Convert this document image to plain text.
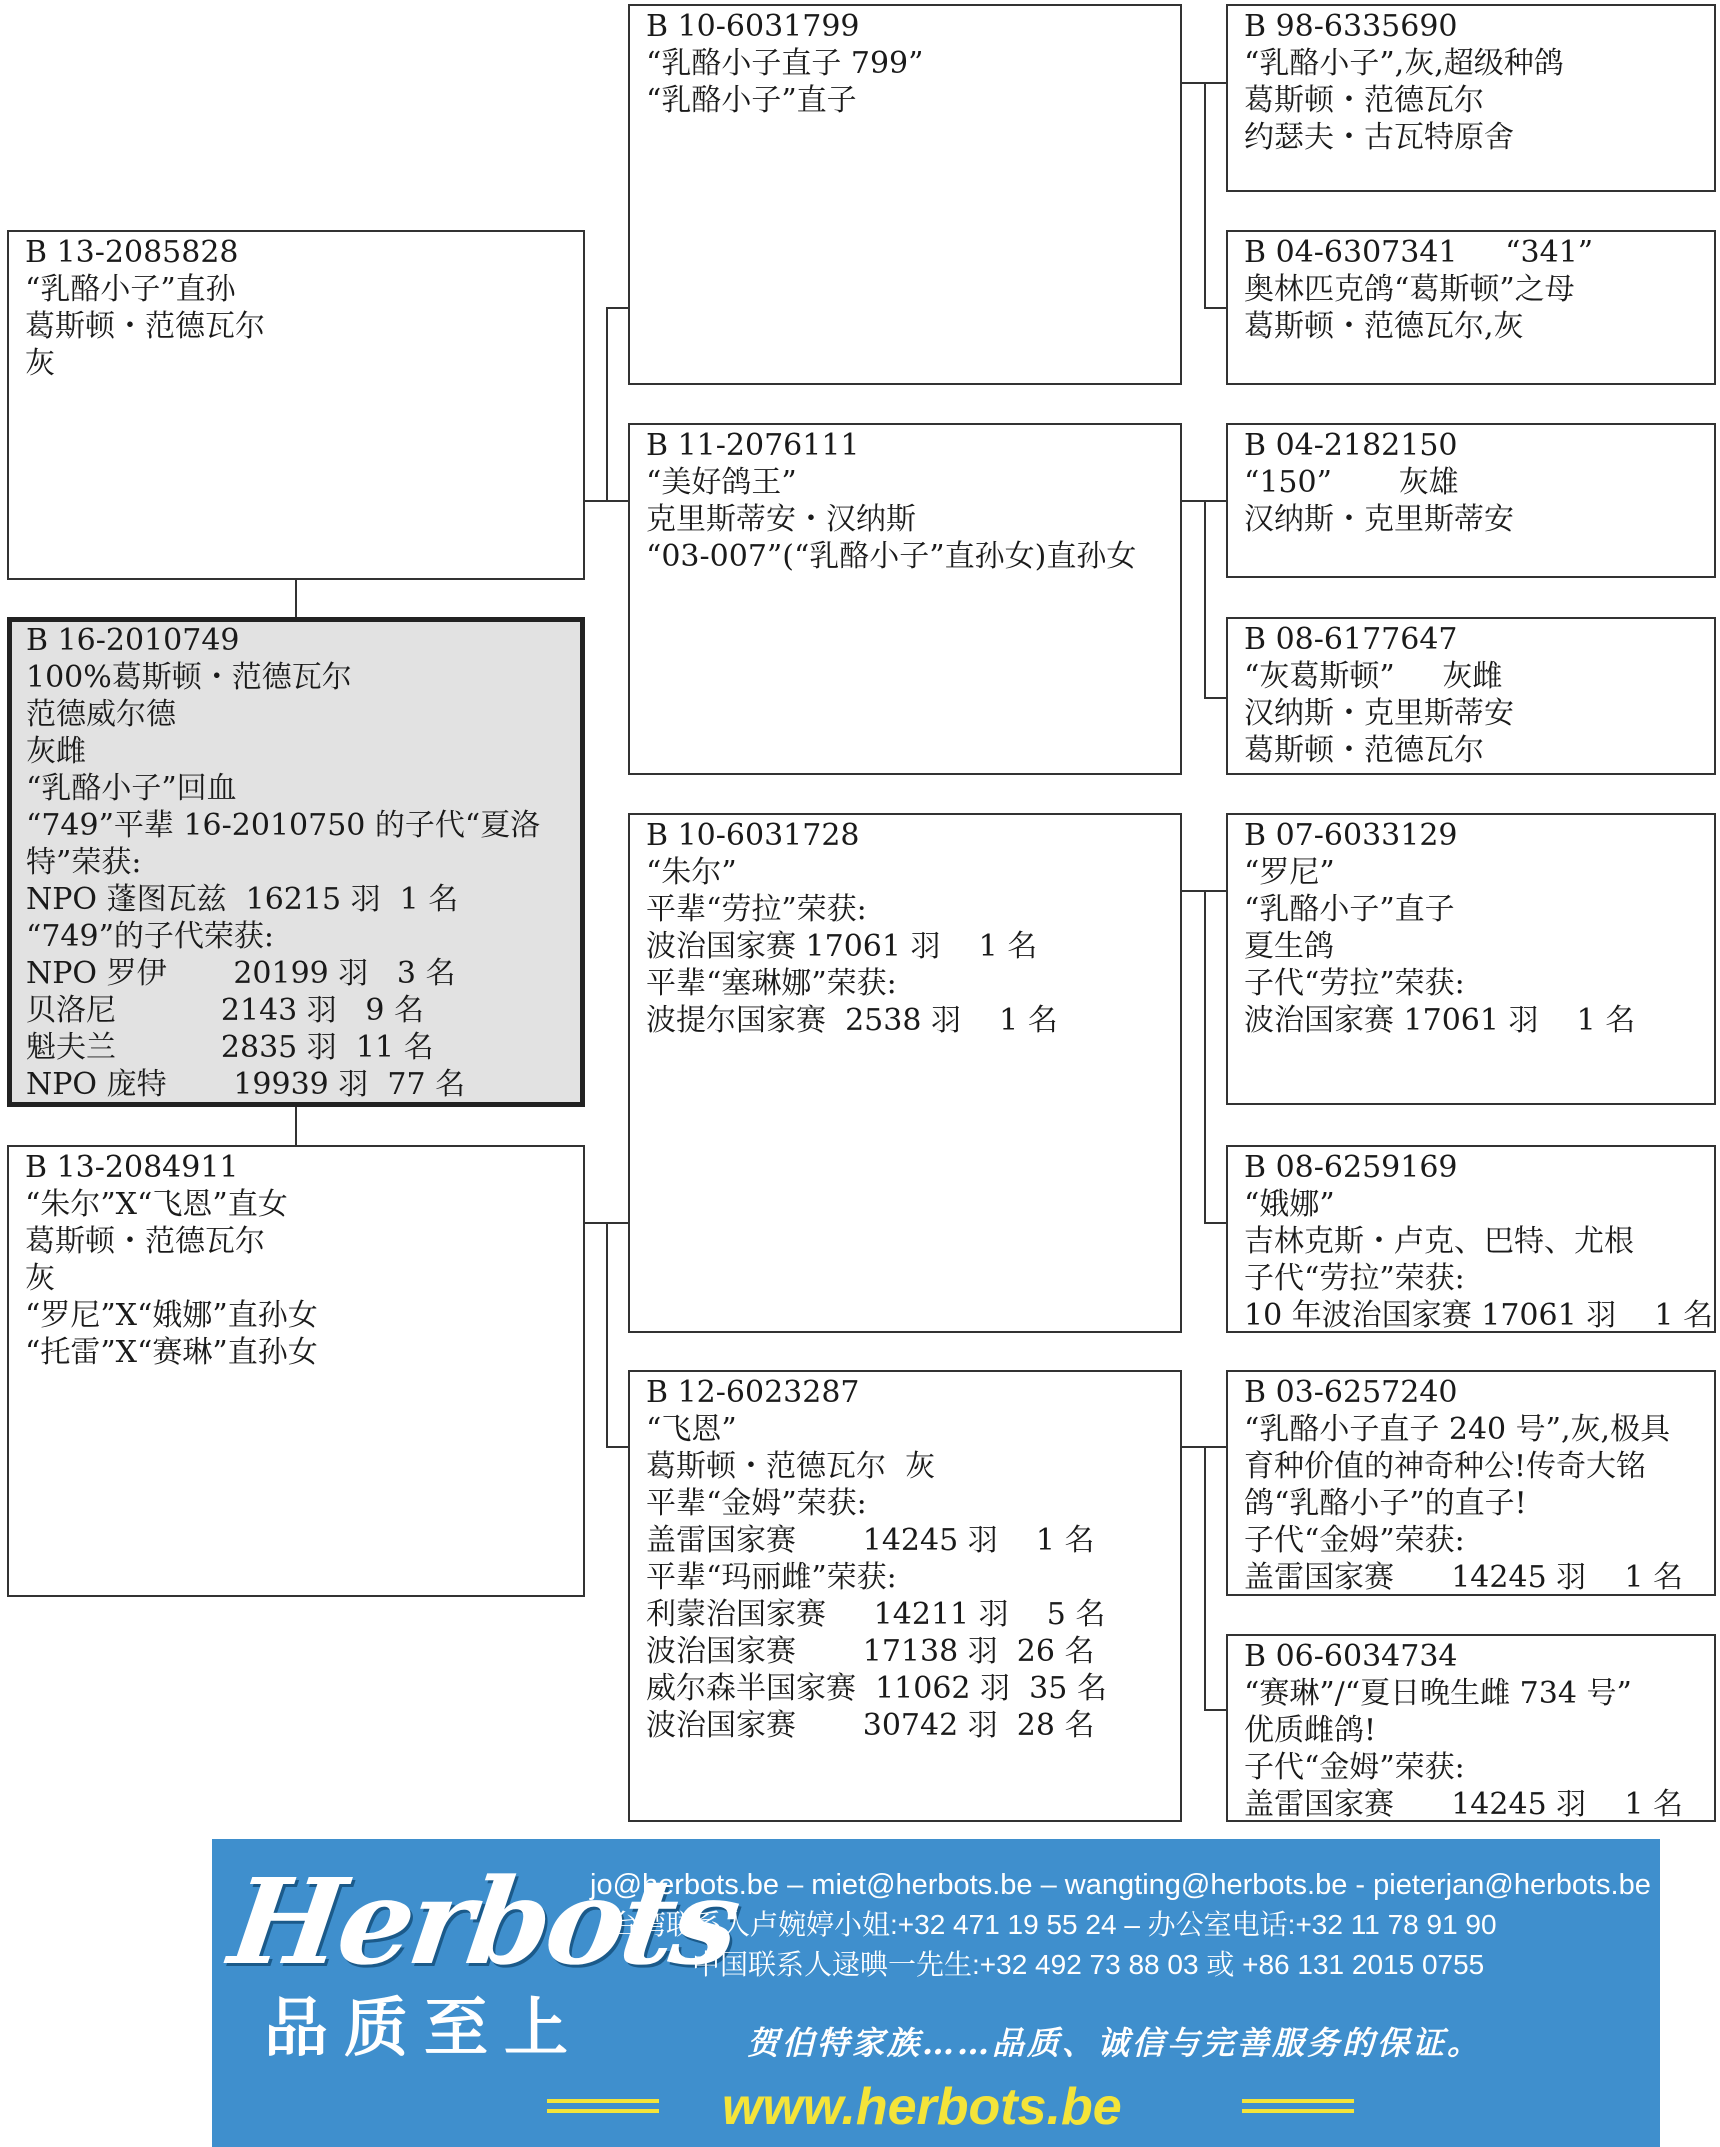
B 13-2085828
“乳酪小子”直孙
葛斯顿・范德瓦尔
灰
B 16-2010749
100%葛斯顿・范德瓦尔
范德威尔德
灰雌
“乳酪小子”回血
“749”平辈 16-2010750 的子代“夏洛特”荣获:
NPO 蓬图瓦兹  16215 羽  1 名
“749”的子代荣获:
NPO 罗伊       20199 羽   3 名
贝洛尼           2143 羽   9 名
魁夫兰           2835 羽  11 名
NPO 庞特       19939 羽  77 名
B 13-2084911
“朱尔”X“飞恩”直女
葛斯顿・范德瓦尔
灰
“罗尼”X“娥娜”直孙女
“托雷”X“赛琳”直孙女
B 10-6031799
“乳酪小子直子 799”
“乳酪小子”直子
B 11-2076111
“美好鸽王”
克里斯蒂安・汉纳斯
“03-007”(“乳酪小子”直孙女)直孙女
B 10-6031728
“朱尔”
平辈“劳拉”荣获:
波治国家赛 17061 羽    1 名
平辈“塞琳娜”荣获:
波提尔国家赛  2538 羽    1 名
B 12-6023287
“飞恩”
葛斯顿・范德瓦尔  灰
平辈“金姆”荣获:
盖雷国家赛       14245 羽    1 名
平辈“玛丽雌”荣获:
利蒙治国家赛     14211 羽    5 名
波治国家赛       17138 羽  26 名
威尔森半国家赛  11062 羽  35 名
波治国家赛       30742 羽  28 名
B 98-6335690
“乳酪小子”,灰,超级种鸽
葛斯顿・范德瓦尔
约瑟夫・古瓦特原舍
B 04-6307341     “341”
奥林匹克鸽“葛斯顿”之母
葛斯顿・范德瓦尔,灰
B 04-2182150
“150”       灰雄
汉纳斯・克里斯蒂安
B 08-6177647
“灰葛斯顿”     灰雌
汉纳斯・克里斯蒂安
葛斯顿・范德瓦尔
B 07-6033129
“罗尼”
“乳酪小子”直子
夏生鸽
子代“劳拉”荣获:
波治国家赛 17061 羽    1 名
B 08-6259169
“娥娜”
吉林克斯・卢克、巴特、尤根
子代“劳拉”荣获:
10 年波治国家赛 17061 羽    1 名
B 03-6257240
“乳酪小子直子 240 号”,灰,极具育种价值的神奇种公!传奇大铭鸽“乳酪小子”的直子!
子代“金姆”荣获:
盖雷国家赛      14245 羽    1 名
B 06-6034734
“赛琳”/“夏日晚生雌 734 号”
优质雌鸽!
子代“金姆”荣获:
盖雷国家赛      14245 羽    1 名
Herbots
品质至上
jo@herbots.be – miet@herbots.be – wangting@herbots.be - pieterjan@herbots.be
台湾联系人卢婉婷小姐:+32 471 19 55 24 – 办公室电话:+32 11 78 91 90
中国联系人逯晪一先生:+32 492 73 88 03 或 +86 131 2015 0755
贺伯特家族……品质、诚信与完善服务的保证。
www.herbots.be
